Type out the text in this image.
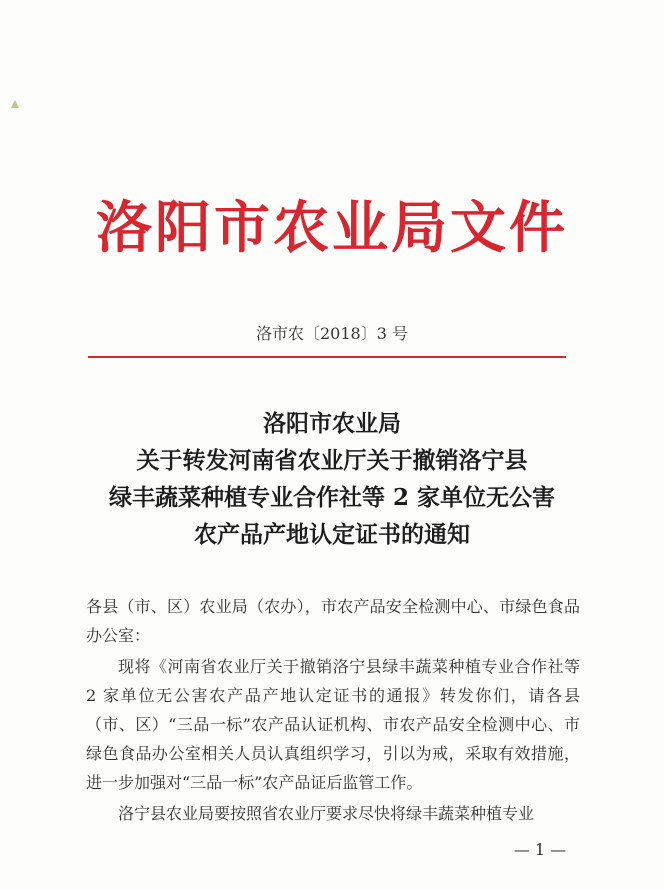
洛阳市农业局文件
洛市农〔2018〕3 号
洛阳市农业局
关于转发河南省农业厅关于撤销洛宁县
绿丰蔬菜种植专业合作社等 2 家单位无公害
农产品产地认定证书的通知

各县（市、区）农业局（农办），市农产品安全检测中心、市绿色食品办公室：

现将《河南省农业厅关于撤销洛宁县绿丰蔬菜种植专业合作社等 2 家单位无公害农产品产地认定证书的通报》转发你们，请各县（市、区）“三品一标”农产品认证机构、市农产品安全检测中心、市绿色食品办公室相关人员认真组织学习，引以为戒，采取有效措施，进一步加强对“三品一标”农产品证后监管工作。

洛宁县农业局要按照省农业厅要求尽快将绿丰蔬菜种植专业

— 1 —
